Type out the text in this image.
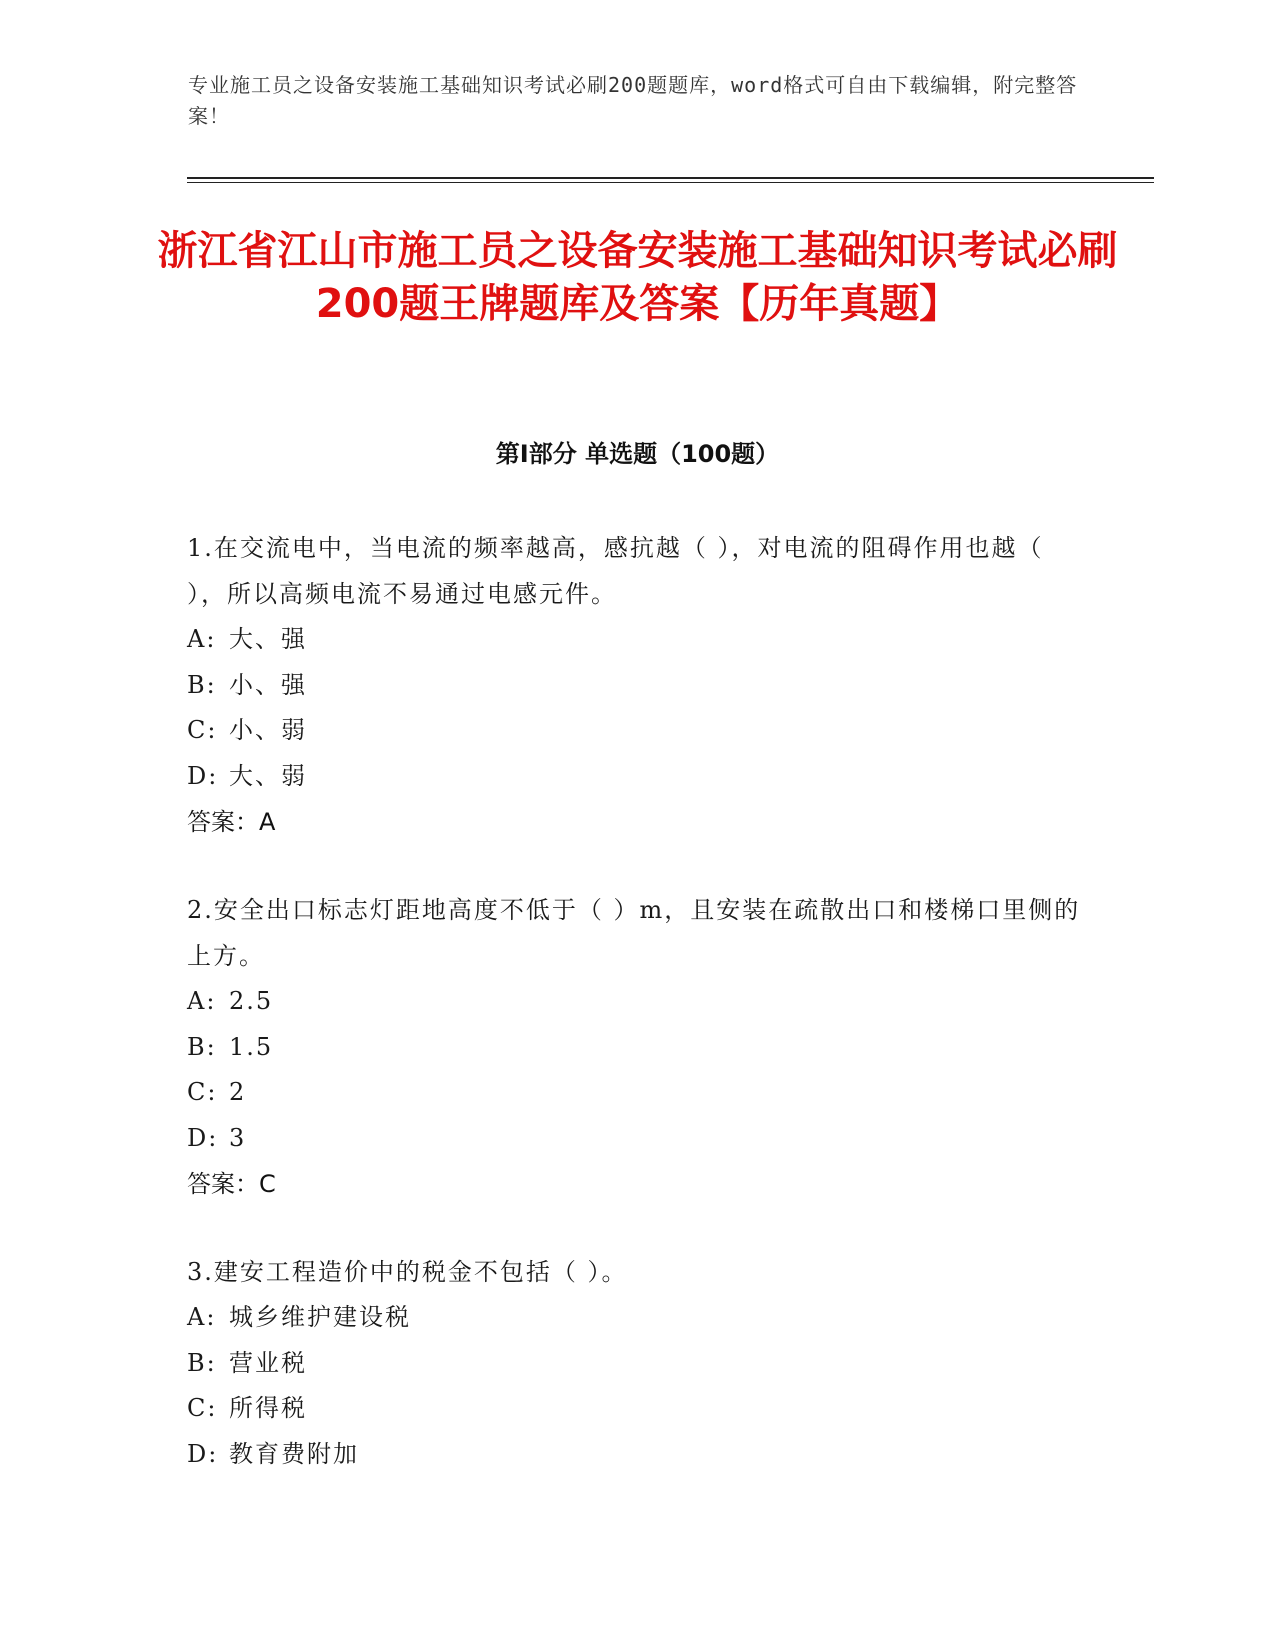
专业施工员之设备安装施工基础知识考试必刷200题题库，word格式可自由下载编辑，附完整答案！

浙江省江山市施工员之设备安装施工基础知识考试必刷200题王牌题库及答案【历年真题】
第Ⅰ部分 单选题（100题）

1.在交流电中，当电流的频率越高，感抗越（ ），对电流的阻碍作用也越（ ），所以高频电流不易通过电感元件。

A: 大、强

B: 小、强

C: 小、弱

D: 大、弱

答案：A

2.安全出口标志灯距地高度不低于（ ）m，且安装在疏散出口和楼梯口里侧的上方。

A: 2.5

B: 1.5

C: 2

D: 3

答案：C

3.建安工程造价中的税金不包括（ ）。

A: 城乡维护建设税

B: 营业税

C: 所得税

D: 教育费附加
